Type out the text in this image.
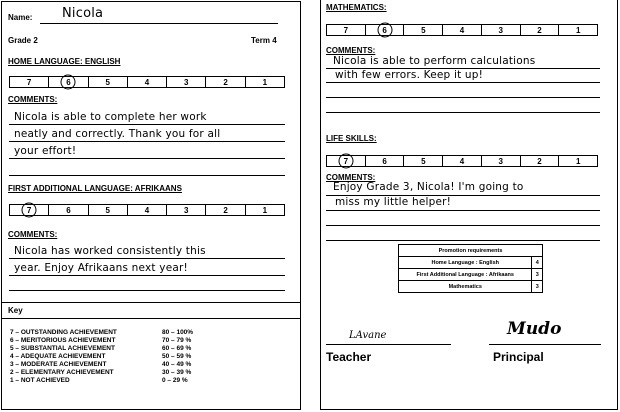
Name: Nicola
Grade 2	Term 4
HOME LANGUAGE: ENGLISH
7	6	5	4	3	2	1
COMMENTS:
Nicola is able to complete her work
neatly and correctly. Thank you for all
your effort!
FIRST ADDITIONAL LANGUAGE: AFRIKAANS
7	6	5	4	3	2	1
COMMENTS:
Nicola has worked consistently this
year. Enjoy Afrikaans next year!
Key
7 – OUTSTANDING ACHIEVEMENT	80 – 100%
6 – MERITORIOUS ACHIEVEMENT	70 – 79 %
5 – SUBSTANTIAL ACHIEVEMENT	60 – 69 %
4 – ADEQUATE ACHIEVEMENT	50 – 59 %
3 – MODERATE ACHIEVEMENT	40 – 49 %
2 – ELEMENTARY ACHIEVEMENT	30 – 39 %
1 – NOT ACHIEVED	0 – 29 %
MATHEMATICS:
7	6	5	4	3	2	1
COMMENTS:
Nicola is able to perform calculations
with few errors. Keep it up!
LIFE SKILLS:
7	6	5	4	3	2	1
COMMENTS:
Enjoy Grade 3, Nicola! I'm going to
miss my little helper!
Promotion requirements	
Home Language : English	4
First Additional Language : Afrikaans	3
Mathematics	3
LAvane	Mudo
Teacher	Principal
